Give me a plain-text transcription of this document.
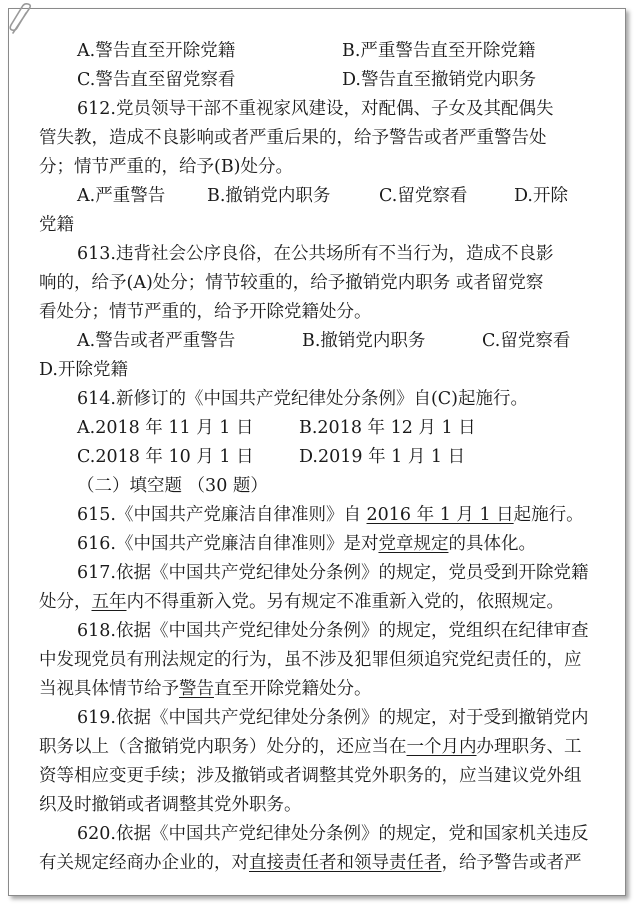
A.警告直至开除党籍	B.严重警告直至开除党籍
C.警告直至留党察看	D.警告直至撤销党内职务
612.党员领导干部不重视家风建设，对配偶、子女及其配偶失
管失教，造成不良影响或者严重后果的，给予警告或者严重警告处
分；情节严重的，给予(B)处分。
A.严重警告	B.撤销党内职务	C.留党察看	D.开除
党籍
613.违背社会公序良俗，在公共场所有不当行为，造成不良影
响的，给予(A)处分；情节较重的，给予撤销党内职务 或者留党察
看处分；情节严重的，给予开除党籍处分。
A.警告或者严重警告	B.撤销党内职务	C.留党察看
D.开除党籍
614.新修订的《中国共产党纪律处分条例》自(C)起施行。
A.2018 年 11 月 1 日	B.2018 年 12 月 1 日
C.2018 年 10 月 1 日	D.2019 年 1 月 1 日
（二）填空题 （30 题）
615.《中国共产党廉洁自律准则》自 2016 年 1 月 1 日起施行。
616.《中国共产党廉洁自律准则》是对党章规定的具体化。
617.依据《中国共产党纪律处分条例》的规定，党员受到开除党籍
处分，五年内不得重新入党。另有规定不准重新入党的，依照规定。
618.依据《中国共产党纪律处分条例》的规定，党组织在纪律审查
中发现党员有刑法规定的行为，虽不涉及犯罪但须追究党纪责任的，应
当视具体情节给予警告直至开除党籍处分。
619.依据《中国共产党纪律处分条例》的规定，对于受到撤销党内
职务以上（含撤销党内职务）处分的，还应当在一个月内办理职务、工
资等相应变更手续；涉及撤销或者调整其党外职务的，应当建议党外组
织及时撤销或者调整其党外职务。
620.依据《中国共产党纪律处分条例》的规定，党和国家机关违反
有关规定经商办企业的，对直接责任者和领导责任者，给予警告或者严
